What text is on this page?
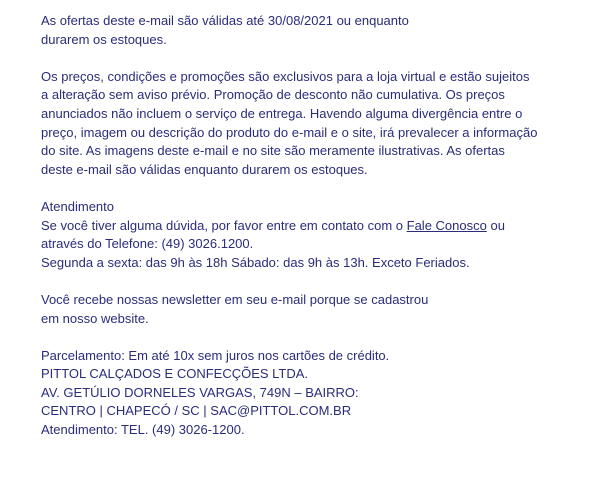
As ofertas deste e-mail são válidas até 30/08/2021 ou enquanto
durarem os estoques.
Os preços, condições e promoções são exclusivos para a loja virtual e estão sujeitos
a alteração sem aviso prévio. Promoção de desconto não cumulativa. Os preços
anunciados não incluem o serviço de entrega. Havendo alguma divergência entre o
preço, imagem ou descrição do produto do e-mail e o site, irá prevalecer a informação
do site. As imagens deste e-mail e no site são meramente ilustrativas. As ofertas
deste e-mail são válidas enquanto durarem os estoques.
Atendimento
Se você tiver alguma dúvida, por favor entre em contato com o Fale Conosco ou
através do Telefone: (49) 3026.1200.
Segunda a sexta: das 9h às 18h Sábado: das 9h às 13h. Exceto Feriados.
Você recebe nossas newsletter em seu e-mail porque se cadastrou
em nosso website.
Parcelamento: Em até 10x sem juros nos cartões de crédito.
PITTOL CALÇADOS E CONFECÇÕES LTDA.
AV. GETÚLIO DORNELES VARGAS, 749N – BAIRRO:
CENTRO | CHAPECÓ / SC | SAC@PITTOL.COM.BR
Atendimento: TEL. (49) 3026-1200.
